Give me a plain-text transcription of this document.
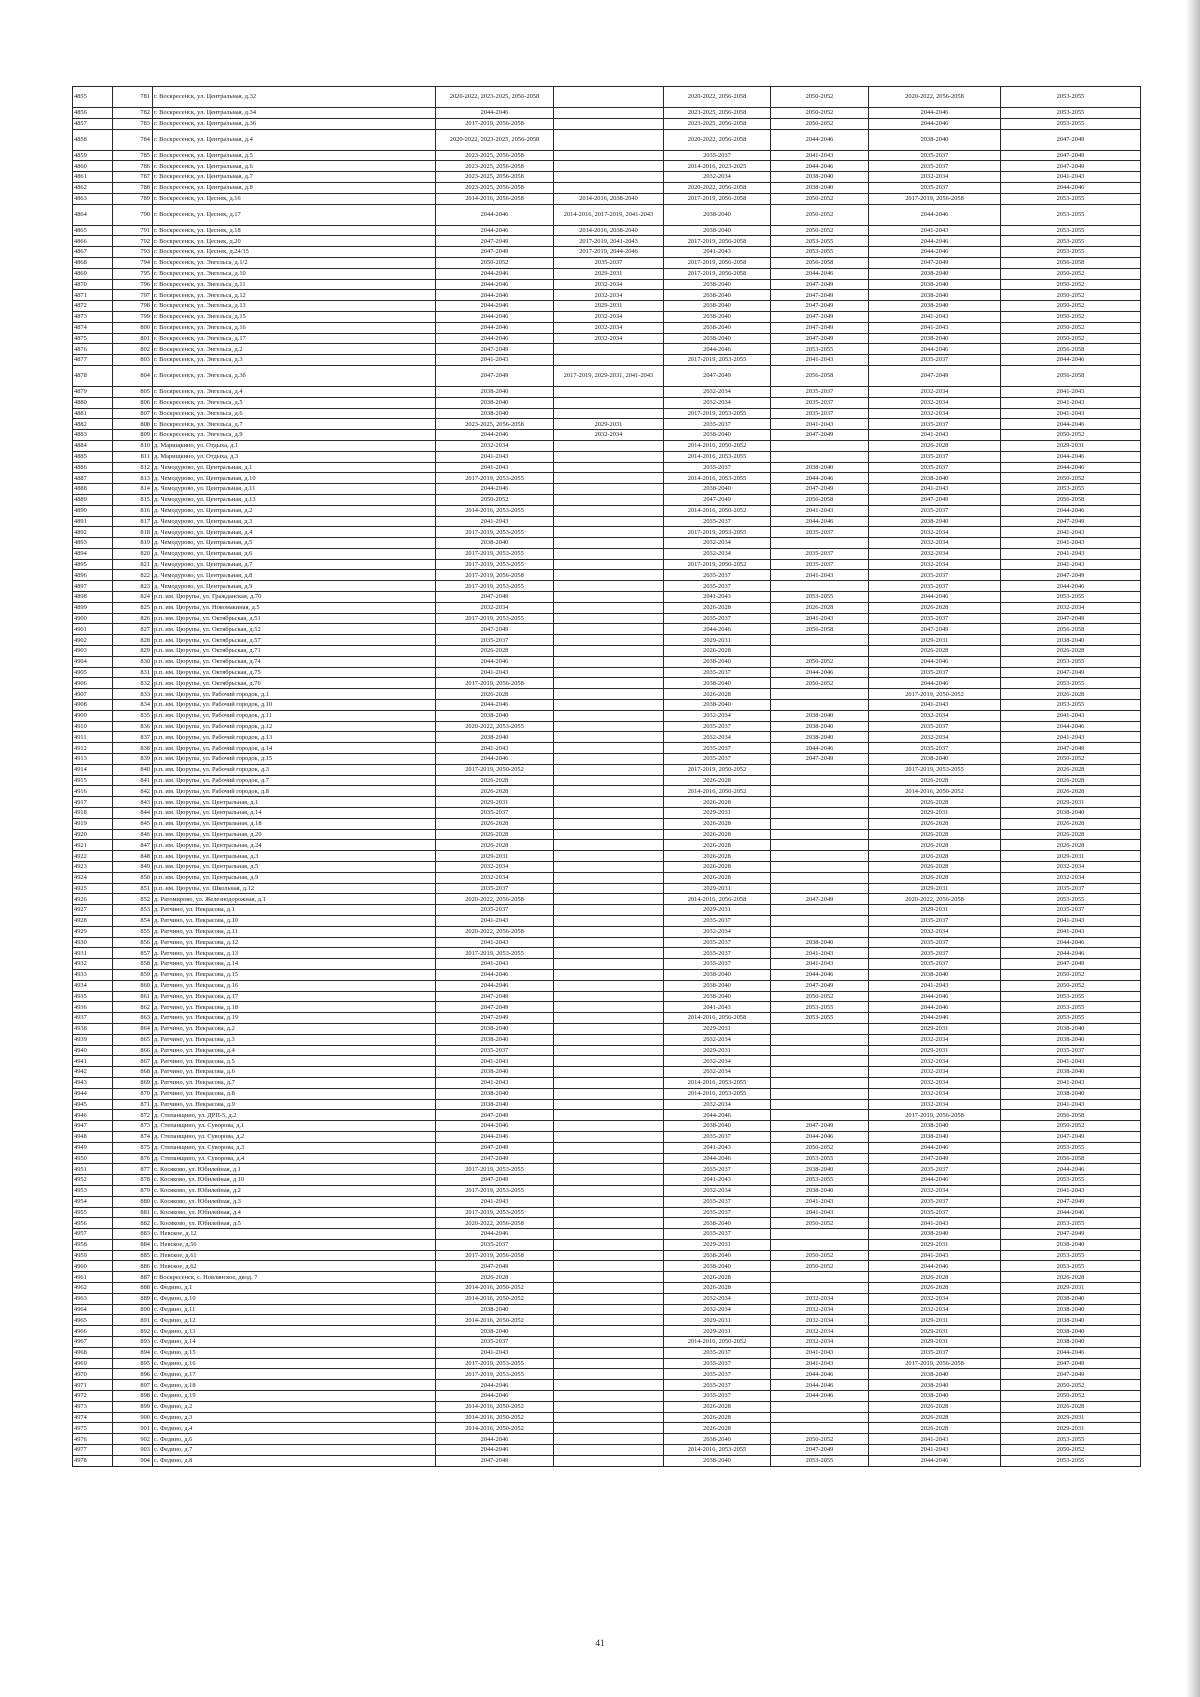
4855	781	г. Воскресенск, ул. Центральная, д.32	2020-2022, 2023-2025, 2056-2058		2020-2022, 2056-2058	2050-2052	2020-2022, 2056-2058	2053-2055
4856	782	г. Воскресенск, ул. Центральная, д.34	2044-2046		2023-2025, 2056-2058	2050-2052	2044-2046	2053-2055
4857	783	г. Воскресенск, ул. Центральная, д.36	2017-2019, 2056-2058		2023-2025, 2056-2058	2050-2052	2044-2046	2053-2055
4858	784	г. Воскресенск, ул. Центральная, д.4	2020-2022, 2023-2025, 2056-2058		2020-2022, 2056-2058	2044-2046	2038-2040	2047-2049
4859	785	г. Воскресенск, ул. Центральная, д.5	2023-2025, 2056-2058		2035-2037	2041-2043	2035-2037	2047-2049
4860	786	г. Воскресенск, ул. Центральная, д.6	2023-2025, 2056-2058		2014-2016, 2023-2025	2044-2046	2035-2037	2047-2049
4861	787	г. Воскресенск, ул. Центральная, д.7	2023-2025, 2056-2058		2032-2034	2038-2040	2032-2034	2041-2043
4862	788	г. Воскресенск, ул. Центральная, д.8	2023-2025, 2056-2058		2020-2022, 2056-2058	2038-2040	2035-2037	2044-2046
4863	789	г. Воскресенск, ул. Цеснек, д.16	2014-2016, 2056-2058	2014-2016, 2038-2040	2017-2019, 2056-2058	2050-2052	2017-2019, 2056-2058	2053-2055
4864	790	г. Воскресенск, ул. Цеснек, д.17	2044-2046	2014-2016, 2017-2019, 2041-2043	2038-2040	2050-2052	2044-2046	2053-2055
4865	791	г. Воскресенск, ул. Цеснек, д.18	2044-2046	2014-2016, 2038-2040	2038-2040	2050-2052	2041-2043	2053-2055
4866	792	г. Воскресенск, ул. Цеснек, д.20	2047-2049	2017-2019, 2041-2043	2017-2019, 2056-2058	2053-2055	2044-2046	2053-2055
4867	793	г. Воскресенск, ул. Цеснек, д.24/15	2047-2049	2017-2019, 2044-2046	2041-2043	2053-2055	2044-2046	2053-2055
4868	794	г. Воскресенск, ул. Энгельса, д.1/2	2050-2052	2035-2037	2017-2019, 2056-2058	2056-2058	2047-2049	2056-2058
4869	795	г. Воскресенск, ул. Энгельса, д.10	2044-2046	2029-2031	2017-2019, 2056-2058	2044-2046	2038-2040	2050-2052
4870	796	г. Воскресенск, ул. Энгельса, д.11	2044-2046	2032-2034	2038-2040	2047-2049	2038-2040	2050-2052
4871	797	г. Воскресенск, ул. Энгельса, д.12	2044-2046	2032-2034	2038-2040	2047-2049	2038-2040	2050-2052
4872	798	г. Воскресенск, ул. Энгельса, д.13	2044-2046	2029-2031	2038-2040	2047-2049	2038-2040	2050-2052
4873	799	г. Воскресенск, ул. Энгельса, д.15	2044-2046	2032-2034	2038-2040	2047-2049	2041-2043	2050-2052
4874	800	г. Воскресенск, ул. Энгельса, д.16	2044-2046	2032-2034	2038-2040	2047-2049	2041-2043	2050-2052
4875	801	г. Воскресенск, ул. Энгельса, д.17	2044-2046	2032-2034	2038-2040	2047-2049	2038-2040	2050-2052
4876	802	г. Воскресенск, ул. Энгельса, д.2	2047-2049		2044-2046	2053-2055	2044-2046	2056-2058
4877	803	г. Воскресенск, ул. Энгельса, д.3	2041-2043		2017-2019, 2053-2055	2041-2043	2035-2037	2044-2046
4878	804	г. Воскресенск, ул. Энгельса, д.3б	2047-2049	2017-2019, 2029-2031, 2041-2043	2047-2049	2056-2058	2047-2049	2056-2058
4879	805	г. Воскресенск, ул. Энгельса, д.4	2038-2040		2032-2034	2035-2037	2032-2034	2041-2043
4880	806	г. Воскресенск, ул. Энгельса, д.5	2038-2040		2032-2034	2035-2037	2032-2034	2041-2043
4881	807	г. Воскресенск, ул. Энгельса, д.6	2038-2040		2017-2019, 2053-2055	2035-2037	2032-2034	2041-2043
4882	808	г. Воскресенск, ул. Энгельса, д.7	2023-2025, 2056-2058	2029-2031	2035-2037	2041-2043	2035-2037	2044-2046
4883	809	г. Воскресенск, ул. Энгельса, д.9	2044-2046	2032-2034	2038-2040	2047-2049	2041-2043	2050-2052
4884	810	д. Марищкино, ул. Отдыха, д.1	2032-2034		2014-2016, 2050-2052		2026-2028	2029-2031
4885	811	д. Марищкино, ул. Отдыха, д.3	2041-2043		2014-2016, 2053-2055		2035-2037	2044-2046
4886	812	д. Чемодурово, ул. Центральная, д.1	2041-2043		2035-2037	2038-2040	2035-2037	2044-2046
4887	813	д. Чемодурово, ул. Центральная, д.10	2017-2019, 2053-2055		2014-2016, 2053-2055	2044-2046	2038-2040	2050-2052
4888	814	д. Чемодурово, ул. Центральная, д.11	2044-2046		2038-2040	2047-2049	2041-2043	2053-2055
4889	815	д. Чемодурово, ул. Центральная, д.13	2050-2052		2047-2049	2056-2058	2047-2049	2056-2058
4890	816	д. Чемодурово, ул. Центральная, д.2	2014-2016, 2053-2055		2014-2016, 2050-2052	2041-2043	2035-2037	2044-2046
4891	817	д. Чемодурово, ул. Центральная, д.3	2041-2043		2035-2037	2044-2046	2038-2040	2047-2049
4892	818	д. Чемодурово, ул. Центральная, д.4	2017-2019, 2053-2055		2017-2019, 2053-2055	2035-2037	2032-2034	2041-2043
4893	819	д. Чемодурово, ул. Центральная, д.5	2038-2040		2032-2034		2032-2034	2041-2043
4894	820	д. Чемодурово, ул. Центральная, д.6	2017-2019, 2053-2055		2032-2034	2035-2037	2032-2034	2041-2043
4895	821	д. Чемодурово, ул. Центральная, д.7	2017-2019, 2053-2055		2017-2019, 2050-2052	2035-2037	2032-2034	2041-2043
4896	822	д. Чемодурово, ул. Центральная, д.8	2017-2019, 2056-2058		2035-2037	2041-2043	2035-2037	2047-2049
4897	823	д. Чемодурово, ул. Центральная, д.9	2017-2019, 2053-2055		2035-2037		2035-2037	2044-2046
4898	824	р.п. им. Цюрупы, ул. Гражданская, д.70	2047-2049		2041-2043	2053-2055	2044-2046	2053-2055
4899	825	р.п. им. Цюрупы, ул. Новомакиная, д.5	2032-2034		2026-2028	2026-2028	2026-2028	2032-2034
4900	826	р.п. им. Цюрупы, ул. Октябрьская, д.51	2017-2019, 2053-2055		2035-2037	2041-2043	2035-2037	2047-2049
4901	827	р.п. им. Цюрупы, ул. Октябрьская, д.52	2047-2049		2044-2046	2056-2058	2047-2049	2056-2058
4902	828	р.п. им. Цюрупы, ул. Октябрьская, д.57	2035-2037		2029-2031		2029-2031	2038-2040
4903	829	р.п. им. Цюрупы, ул. Октябрьская, д.71	2026-2028		2026-2028		2026-2028	2026-2028
4904	830	р.п. им. Цюрупы, ул. Октябрьская, д.74	2044-2046		2038-2040	2050-2052	2044-2046	2053-2055
4905	831	р.п. им. Цюрупы, ул. Октябрьская, д.75	2041-2043		2035-2037	2044-2046	2035-2037	2047-2049
4906	832	р.п. им. Цюрупы, ул. Октябрьская, д.76	2017-2019, 2056-2058		2038-2040	2050-2052	2044-2046	2053-2055
4907	833	р.п. им. Цюрупы, ул. Рабочий городок, д.1	2026-2028		2026-2028		2017-2019, 2050-2052	2026-2028
4908	834	р.п. им. Цюрупы, ул. Рабочий городок, д.10	2044-2046		2038-2040		2041-2043	2053-2055
4909	835	р.п. им. Цюрупы, ул. Рабочий городок, д.11	2038-2040		2032-2034	2038-2040	2032-2034	2041-2043
4910	836	р.п. им. Цюрупы, ул. Рабочий городок, д.12	2020-2022, 2053-2055		2035-2037	2038-2040	2035-2037	2044-2046
4911	837	р.п. им. Цюрупы, ул. Рабочий городок, д.13	2038-2040		2032-2034	2038-2040	2032-2034	2041-2043
4912	838	р.п. им. Цюрупы, ул. Рабочий городок, д.14	2041-2043		2035-2037	2044-2046	2035-2037	2047-2049
4913	839	р.п. им. Цюрупы, ул. Рабочий городок, д.15	2044-2046		2035-2037	2047-2049	2038-2040	2050-2052
4914	840	р.п. им. Цюрупы, ул. Рабочий городок, д.3	2017-2019, 2050-2052		2017-2019, 2050-2052		2017-2019, 2053-2055	2026-2028
4915	841	р.п. им. Цюрупы, ул. Рабочий городок, д.7	2026-2028		2026-2028		2026-2028	2026-2028
4916	842	р.п. им. Цюрупы, ул. Рабочий городок, д.8	2026-2028		2014-2016, 2050-2052		2014-2016, 2050-2052	2026-2028
4917	843	р.п. им. Цюрупы, ул. Центральная, д.1	2029-2031		2026-2028		2026-2028	2029-2031
4918	844	р.п. им. Цюрупы, ул. Центральная, д.14	2035-2037		2029-2031		2029-2031	2038-2040
4919	845	р.п. им. Цюрупы, ул. Центральная, д.18	2026-2028		2026-2028		2026-2028	2026-2028
4920	846	р.п. им. Цюрупы, ул. Центральная, д.20	2026-2028		2026-2028		2026-2028	2026-2028
4921	847	р.п. им. Цюрупы, ул. Центральная, д.24	2026-2028		2026-2028		2026-2028	2026-2028
4922	848	р.п. им. Цюрупы, ул. Центральная, д.3	2029-2031		2026-2028		2026-2028	2029-2031
4923	849	р.п. им. Цюрупы, ул. Центральная, д.5	2032-2034		2026-2028		2026-2028	2032-2034
4924	850	р.п. им. Цюрупы, ул. Центральная, д.9	2032-2034		2026-2028		2026-2028	2032-2034
4925	851	р.п. им. Цюрупы, ул. Школьная, д.12	2035-2037		2029-2031		2029-2031	2035-2037
4926	852	д. Ратомирово, ул. Железнодорожная, д.1	2020-2022, 2056-2058		2014-2016, 2056-2058	2047-2049	2020-2022, 2056-2058	2053-2055
4927	853	д. Ратчино, ул. Некрасова, д.1	2035-2037		2029-2031		2029-2031	2035-2037
4928	854	д. Ратчино, ул. Некрасова, д.10	2041-2043		2035-2037		2035-2037	2041-2043
4929	855	д. Ратчино, ул. Некрасова, д.11	2020-2022, 2056-2058		2032-2034		2032-2034	2041-2043
4930	856	д. Ратчино, ул. Некрасова, д.12	2041-2043		2035-2037	2038-2040	2035-2037	2044-2046
4931	857	д. Ратчино, ул. Некрасова, д.13	2017-2019, 2053-2055		2035-2037	2041-2043	2035-2037	2044-2046
4932	858	д. Ратчино, ул. Некрасова, д.14	2041-2043		2035-2037	2041-2043	2035-2037	2047-2049
4933	859	д. Ратчино, ул. Некрасова, д.15	2044-2046		2038-2040	2044-2046	2038-2040	2050-2052
4934	860	д. Ратчино, ул. Некрасова, д.16	2044-2046		2038-2040	2047-2049	2041-2043	2050-2052
4935	861	д. Ратчино, ул. Некрасова, д.17	2047-2049		2038-2040	2050-2052	2044-2046	2053-2055
4936	862	д. Ратчино, ул. Некрасова, д.18	2047-2049		2041-2043	2053-2055	2044-2046	2053-2055
4937	863	д. Ратчино, ул. Некрасова, д.19	2047-2049		2014-2016, 2056-2058	2053-2055	2044-2046	2053-2055
4938	864	д. Ратчино, ул. Некрасова, д.2	2038-2040		2029-2031		2029-2031	2038-2040
4939	865	д. Ратчино, ул. Некрасова, д.3	2038-2040		2032-2034		2032-2034	2038-2040
4940	866	д. Ратчино, ул. Некрасова, д.4	2035-2037		2029-2031		2029-2031	2035-2037
4941	867	д. Ратчино, ул. Некрасова, д.5	2041-2043		2032-2034		2032-2034	2041-2043
4942	868	д. Ратчино, ул. Некрасова, д.6	2038-2040		2032-2034		2032-2034	2038-2040
4943	869	д. Ратчино, ул. Некрасова, д.7	2041-2043		2014-2016, 2053-2055		2032-2034	2041-2043
4944	870	д. Ратчино, ул. Некрасова, д.8	2038-2040		2014-2016, 2053-2055		2032-2034	2038-2040
4945	871	д. Ратчино, ул. Некрасова, д.9	2038-2040		2032-2034		2032-2034	2041-2043
4946	872	д. Степанщино, ул. ДРП-5, д.2	2047-2049		2044-2046		2017-2019, 2056-2058	2056-2058
4947	873	д. Степанщино, ул. Суворова, д.1	2044-2046		2038-2040	2047-2049	2038-2040	2050-2052
4948	874	д. Степанщино, ул. Суворова, д.2	2044-2046		2035-2037	2044-2046	2038-2040	2047-2049
4949	875	д. Степанщино, ул. Суворова, д.3	2047-2049		2041-2043	2050-2052	2044-2046	2053-2055
4950	876	д. Степанщино, ул. Суворова, д.4	2047-2049		2044-2046	2053-2055	2047-2049	2056-2058
4951	877	с. Косяково, ул. Юбилейная, д.1	2017-2019, 2053-2055		2035-2037	2038-2040	2035-2037	2044-2046
4952	878	с. Косяково, ул. Юбилейная, д.10	2047-2049		2041-2043	2053-2055	2044-2046	2053-2055
4953	879	с. Косяково, ул. Юбилейная, д.2	2017-2019, 2053-2055		2032-2034	2038-2040	2032-2034	2041-2043
4954	880	с. Косяково, ул. Юбилейная, д.3	2041-2043		2035-2037	2041-2043	2035-2037	2047-2049
4955	881	с. Косяково, ул. Юбилейная, д.4	2017-2019, 2053-2055		2035-2037	2041-2043	2035-2037	2044-2046
4956	882	с. Косяково, ул. Юбилейная, д.5	2020-2022, 2056-2058		2038-2040	2050-2052	2041-2043	2053-2055
4957	883	с. Невское, д.12	2044-2046		2035-2037		2038-2040	2047-2049
4958	884	с. Невское, д.56	2035-2037		2029-2031		2029-2031	2038-2040
4959	885	с. Невское, д.61	2017-2019, 2056-2058		2038-2040	2050-2052	2041-2043	2053-2055
4960	886	с. Невское, д.62	2047-2049		2038-2040	2050-2052	2044-2046	2053-2055
4961	887	г. Воскресенск, с. Новлянское, двлд. 7	2026-2028		2026-2028		2026-2028	2026-2028
4962	888	с. Федино, д.1	2014-2016, 2050-2052		2026-2028		2026-2028	2029-2031
4963	889	с. Федино, д.10	2014-2016, 2050-2052		2032-2034	2032-2034	2032-2034	2038-2040
4964	890	с. Федино, д.11	2038-2040		2032-2034	2032-2034	2032-2034	2038-2040
4965	891	с. Федино, д.12	2014-2016, 2050-2052		2029-2031	2032-2034	2029-2031	2038-2040
4966	892	с. Федино, д.13	2038-2040		2029-2031	2032-2034	2029-2031	2038-2040
4967	893	с. Федино, д.14	2035-2037		2014-2016, 2050-2052	2032-2034	2029-2031	2038-2040
4968	894	с. Федино, д.15	2041-2043		2035-2037	2041-2043	2035-2037	2044-2046
4969	895	с. Федино, д.16	2017-2019, 2053-2055		2035-2037	2041-2043	2017-2019, 2056-2058	2047-2049
4970	896	с. Федино, д.17	2017-2019, 2053-2055		2035-2037	2044-2046	2038-2040	2047-2049
4971	897	с. Федино, д.18	2044-2046		2035-2037	2044-2046	2038-2040	2050-2052
4972	898	с. Федино, д.19	2044-2046		2035-2037	2044-2046	2038-2040	2050-2052
4973	899	с. Федино, д.2	2014-2016, 2050-2052		2026-2028		2026-2028	2026-2028
4974	900	с. Федино, д.3	2014-2016, 2050-2052		2026-2028		2026-2028	2029-2031
4975	901	с. Федино, д.4	2014-2016, 2050-2052		2026-2028		2026-2028	2029-2031
4976	902	с. Федино, д.6	2044-2046		2038-2040	2050-2052	2041-2043	2053-2055
4977	903	с. Федино, д.7	2044-2046		2014-2016, 2053-2055	2047-2049	2041-2043	2050-2052
4978	904	с. Федино, д.8	2047-2049		2038-2040	2053-2055	2044-2046	2053-2055
41
